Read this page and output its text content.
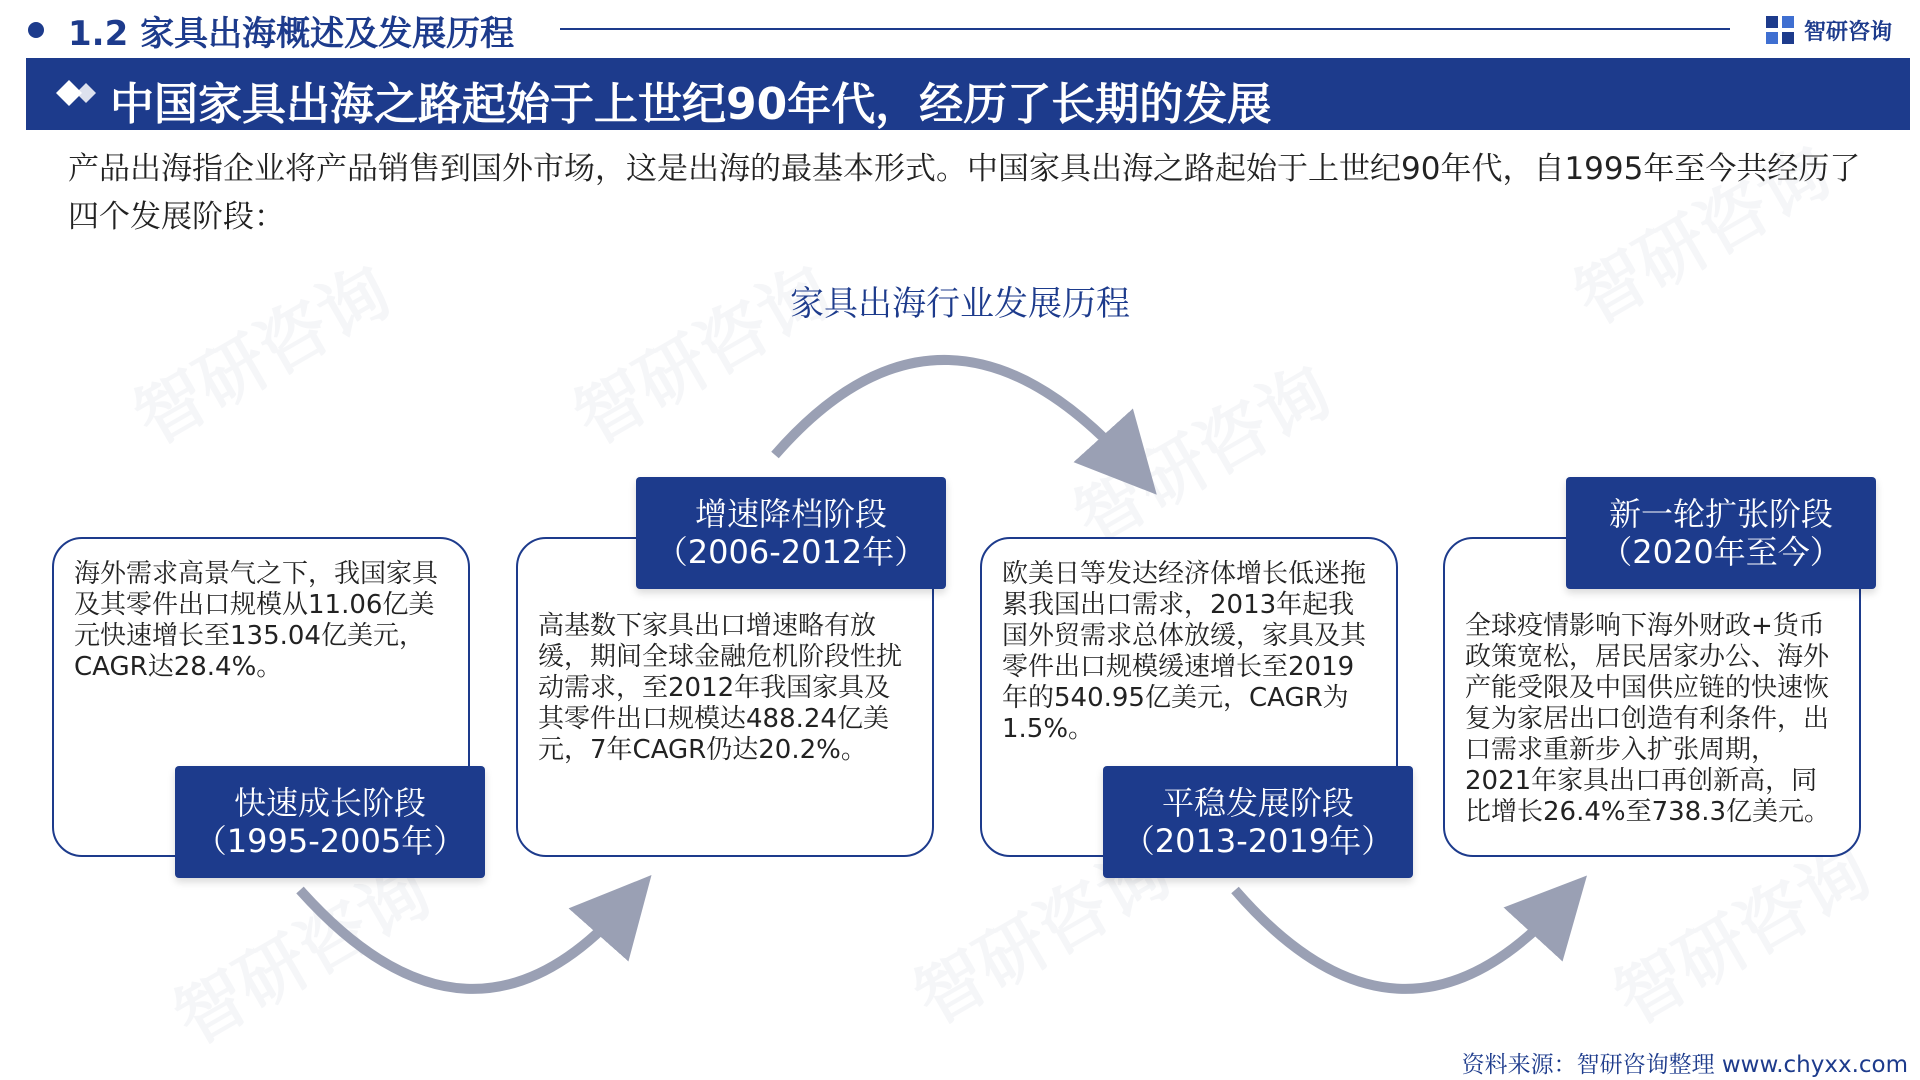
智研咨询 智研咨询	智研咨询
智研咨询
智研咨询	智研咨询	智研咨询
1.2 家具出海概述及发展历程	智研咨询
中国家具出海之路起始于上世纪90年代，经历了长期的发展
产品出海指企业将产品销售到国外市场，这是出海的最基本形式。中国家具出海之路起始于上世纪90年代，自1995年至今共经历了四个发展阶段：
家具出海行业发展历程
海外需求高景气之下，我国家具及其零件出口规模从11.06亿美元快速增长至135.04亿美元，CAGR达28.4%。
快速成长阶段
（1995-2005年）
高基数下家具出口增速略有放缓，期间全球金融危机阶段性扰动需求，至2012年我国家具及其零件出口规模达488.24亿美元，7年CAGR仍达20.2%。
增速降档阶段
（2006-2012年）
欧美日等发达经济体增长低迷拖累我国出口需求，2013年起我国外贸需求总体放缓，家具及其零件出口规模缓速增长至2019年的540.95亿美元，CAGR为1.5%。
平稳发展阶段
（2013-2019年）
全球疫情影响下海外财政+货币政策宽松，居民居家办公、海外产能受限及中国供应链的快速恢复为家居出口创造有利条件，出口需求重新步入扩张周期，2021年家具出口再创新高，同比增长26.4%至738.3亿美元。
新一轮扩张阶段
（2020年至今）
资料来源：智研咨询整理 www.chyxx.com
